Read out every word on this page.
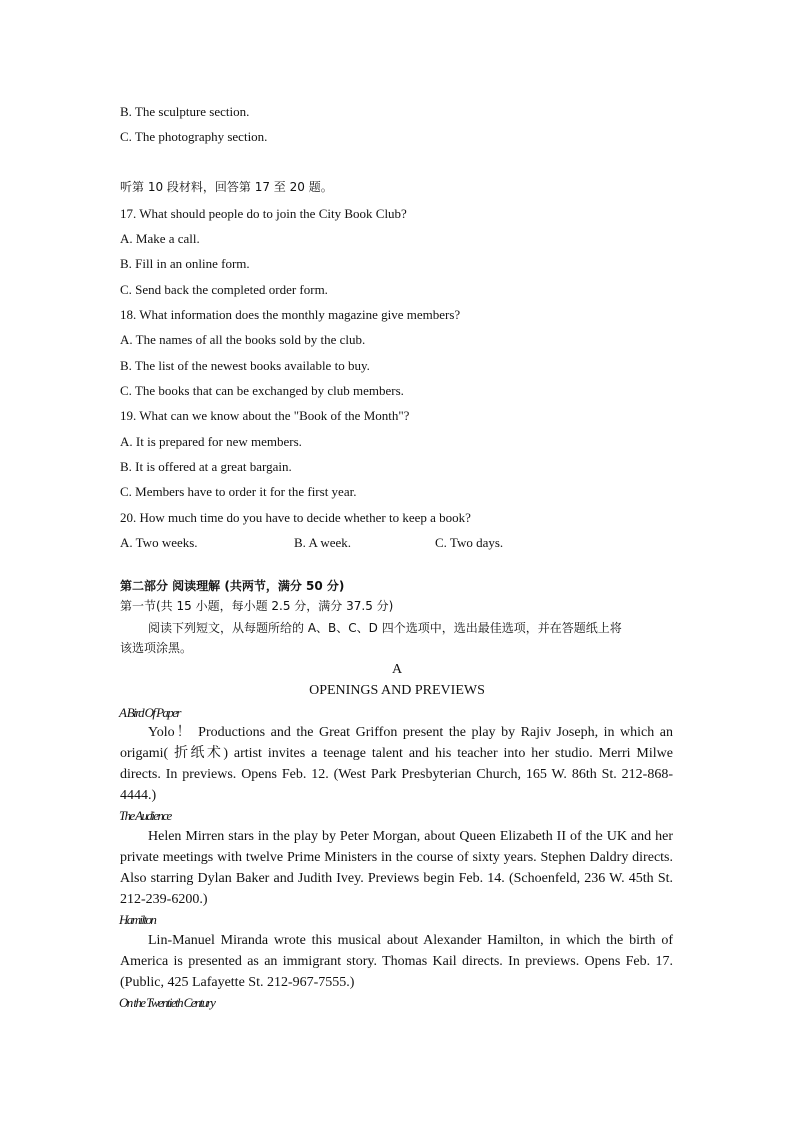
B. The sculpture section.
C. The photography section.
听第 10 段材料，回答第 17 至 20 题。
17. What should people do to join the City Book Club?
A. Make a call.
B. Fill in an online form.
C. Send back the completed order form.
18. What information does the monthly magazine give members?
A. The names of all the books sold by the club.
B. The list of the newest books available to buy.
C. The books that can be exchanged by club members.
19. What can we know about the "Book of the Month"?
A. It is prepared for new members.
B. It is offered at a great bargain.
C. Members have to order it for the first year.
20. How much time do you have to decide whether to keep a book?
A. Two weeks.	B. A week.	C. Two days.
第二部分 阅读理解 (共两节，满分 50 分)
第一节(共 15 小题，每小题 2.5 分，满分 37.5 分)
阅读下列短文，从每题所给的 A、B、C、D 四个选项中，选出最佳选项，并在答题纸上将
该选项涂黑。
A
OPENINGS AND PREVIEWS
A Bird Of Paper
Yolo！ Productions and the Great Griffon present the play by Rajiv Joseph, in which an origami( 折纸术) artist invites a teenage talent and his teacher into her studio. Merri Milwe directs. In previews. Opens Feb. 12. (West Park Presbyterian Church, 165 W. 86th St. 212-868-4444.)
The Audience
Helen Mirren stars in the play by Peter Morgan, about Queen Elizabeth II of the UK and her private meetings with twelve Prime Ministers in the course of sixty years. Stephen Daldry directs. Also starring Dylan Baker and Judith Ivey. Previews begin Feb. 14. (Schoenfeld, 236 W. 45th St. 212-239-6200.)
Hamilton
Lin-Manuel Miranda wrote this musical about Alexander Hamilton, in which the birth of America is presented as an immigrant story. Thomas Kail directs. In previews. Opens Feb. 17. (Public, 425 Lafayette St. 212-967-7555.)
On the Twentieth Century
